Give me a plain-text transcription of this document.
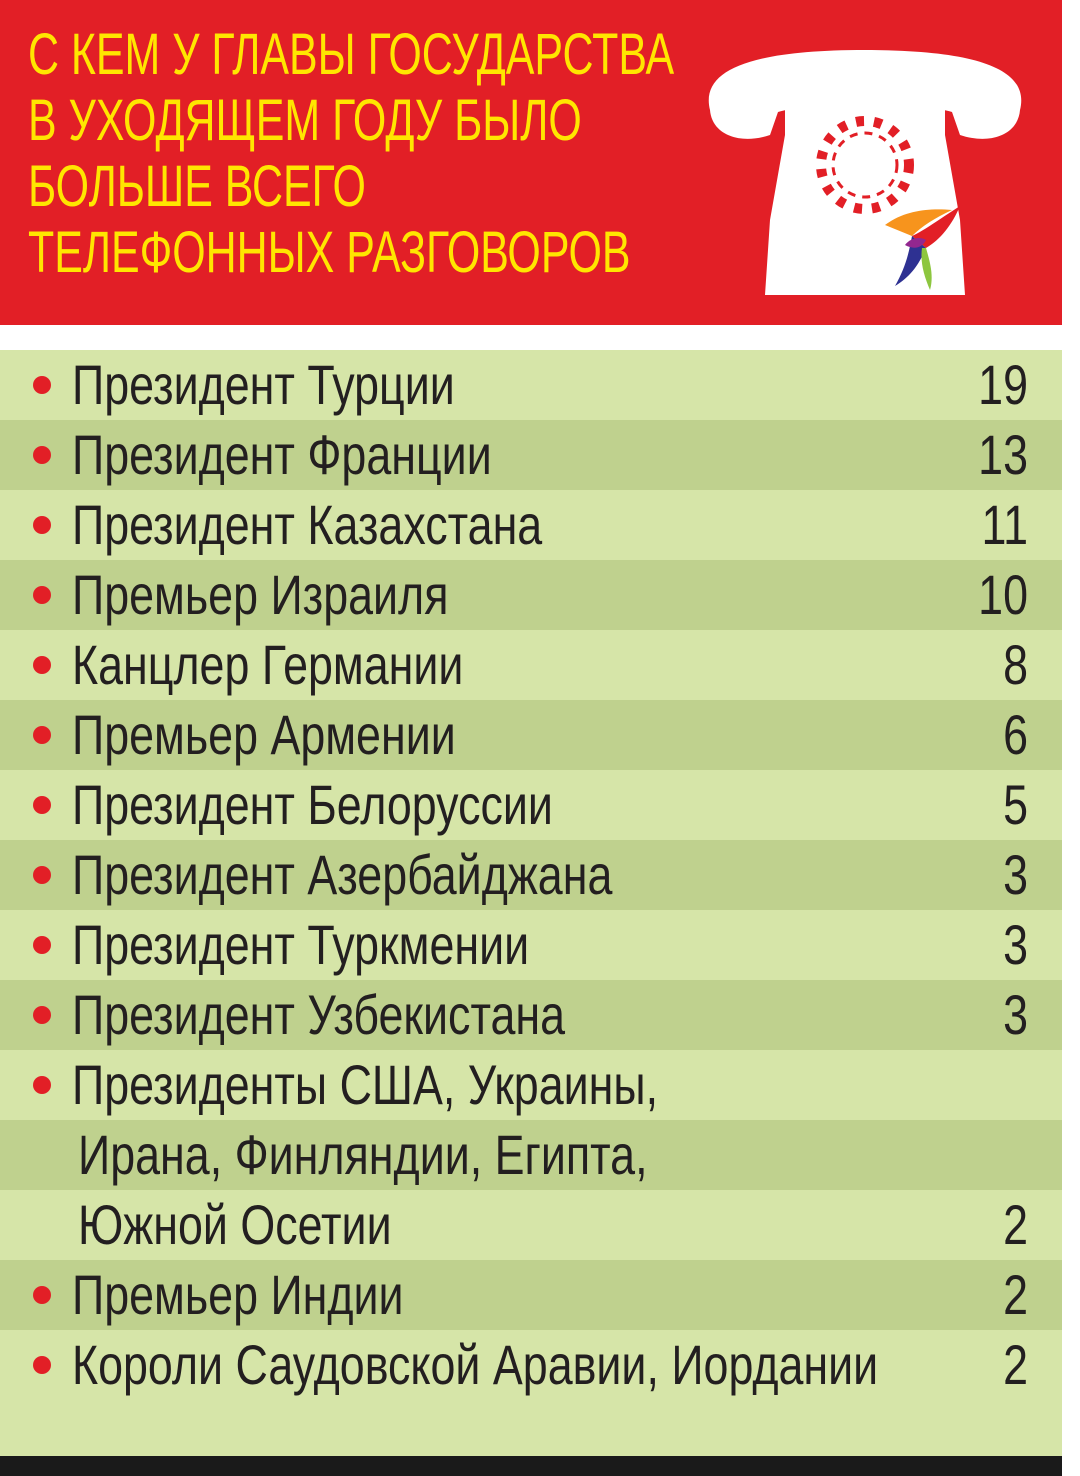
С КЕМ У ГЛАВЫ ГОСУДАРСТВА
В УХОДЯЩЕМ ГОДУ БЫЛО
БОЛЬШЕ ВСЕГО
ТЕЛЕФОННЫХ РАЗГОВОРОВ
Президент Турции	19
Президент Франции	13
Президент Казахстана	11
Премьер Израиля	10
Канцлер Германии	8
Премьер Армении	6
Президент Белоруссии	5
Президент Азербайджана	3
Президент Туркмении	3
Президент Узбекистана	3
Президенты США, Украины,
Ирана, Финляндии, Египта,
Южной Осетии	2
Премьер Индии	2
Короли Саудовской Аравии, Иордании	2
